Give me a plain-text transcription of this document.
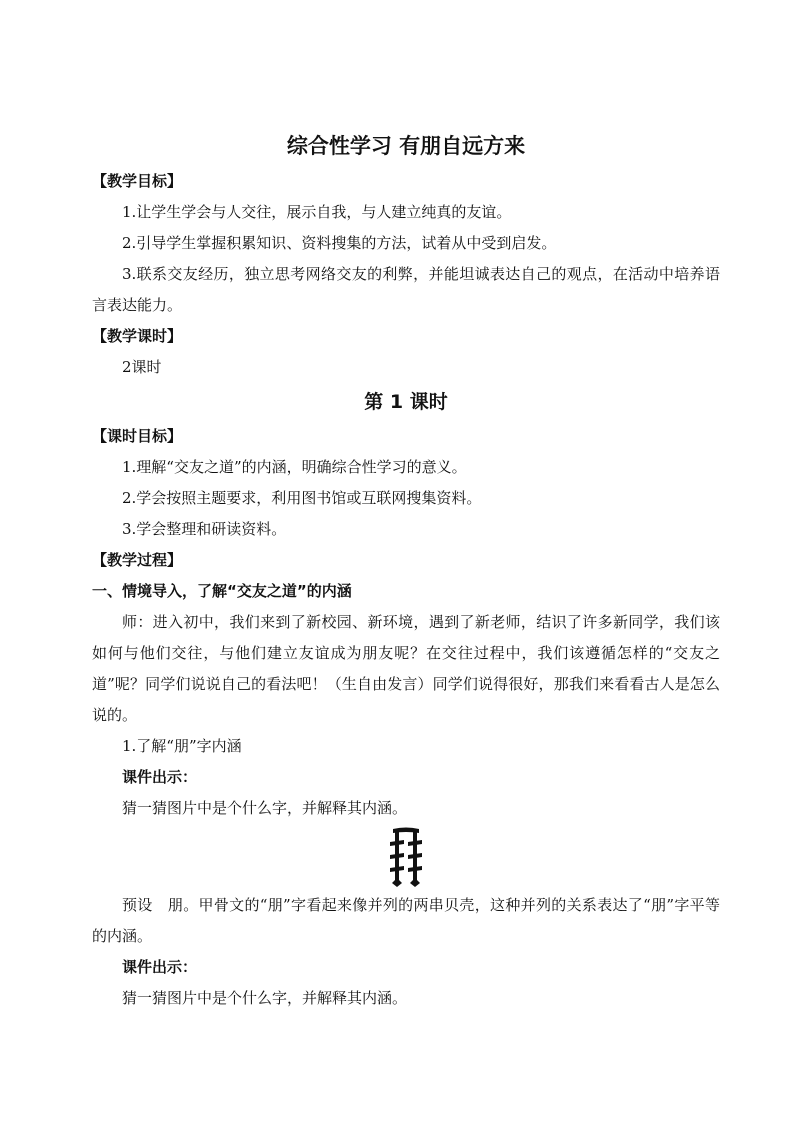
综合性学习 有朋自远方来
【教学目标】
1.让学生学会与人交往，展示自我，与人建立纯真的友谊。
2.引导学生掌握积累知识、资料搜集的方法，试着从中受到启发。
3.联系交友经历，独立思考网络交友的利弊，并能坦诚表达自己的观点，在活动中培养语言表达能力。
【教学课时】
2课时
第 1 课时
【课时目标】
1.理解“交友之道”的内涵，明确综合性学习的意义。
2.学会按照主题要求，利用图书馆或互联网搜集资料。
3.学会整理和研读资料。
【教学过程】
一、情境导入，了解“交友之道”的内涵
师：进入初中，我们来到了新校园、新环境，遇到了新老师，结识了许多新同学，我们该如何与他们交往，与他们建立友谊成为朋友呢？在交往过程中，我们该遵循怎样的“交友之道”呢？同学们说说自己的看法吧！（生自由发言）同学们说得很好，那我们来看看古人是怎么说的。
1.了解“朋”字内涵
课件出示：
猜一猜图片中是个什么字，并解释其内涵。
预设　朋。甲骨文的“朋”字看起来像并列的两串贝壳，这种并列的关系表达了“朋”字平等的内涵。
课件出示：
猜一猜图片中是个什么字，并解释其内涵。
